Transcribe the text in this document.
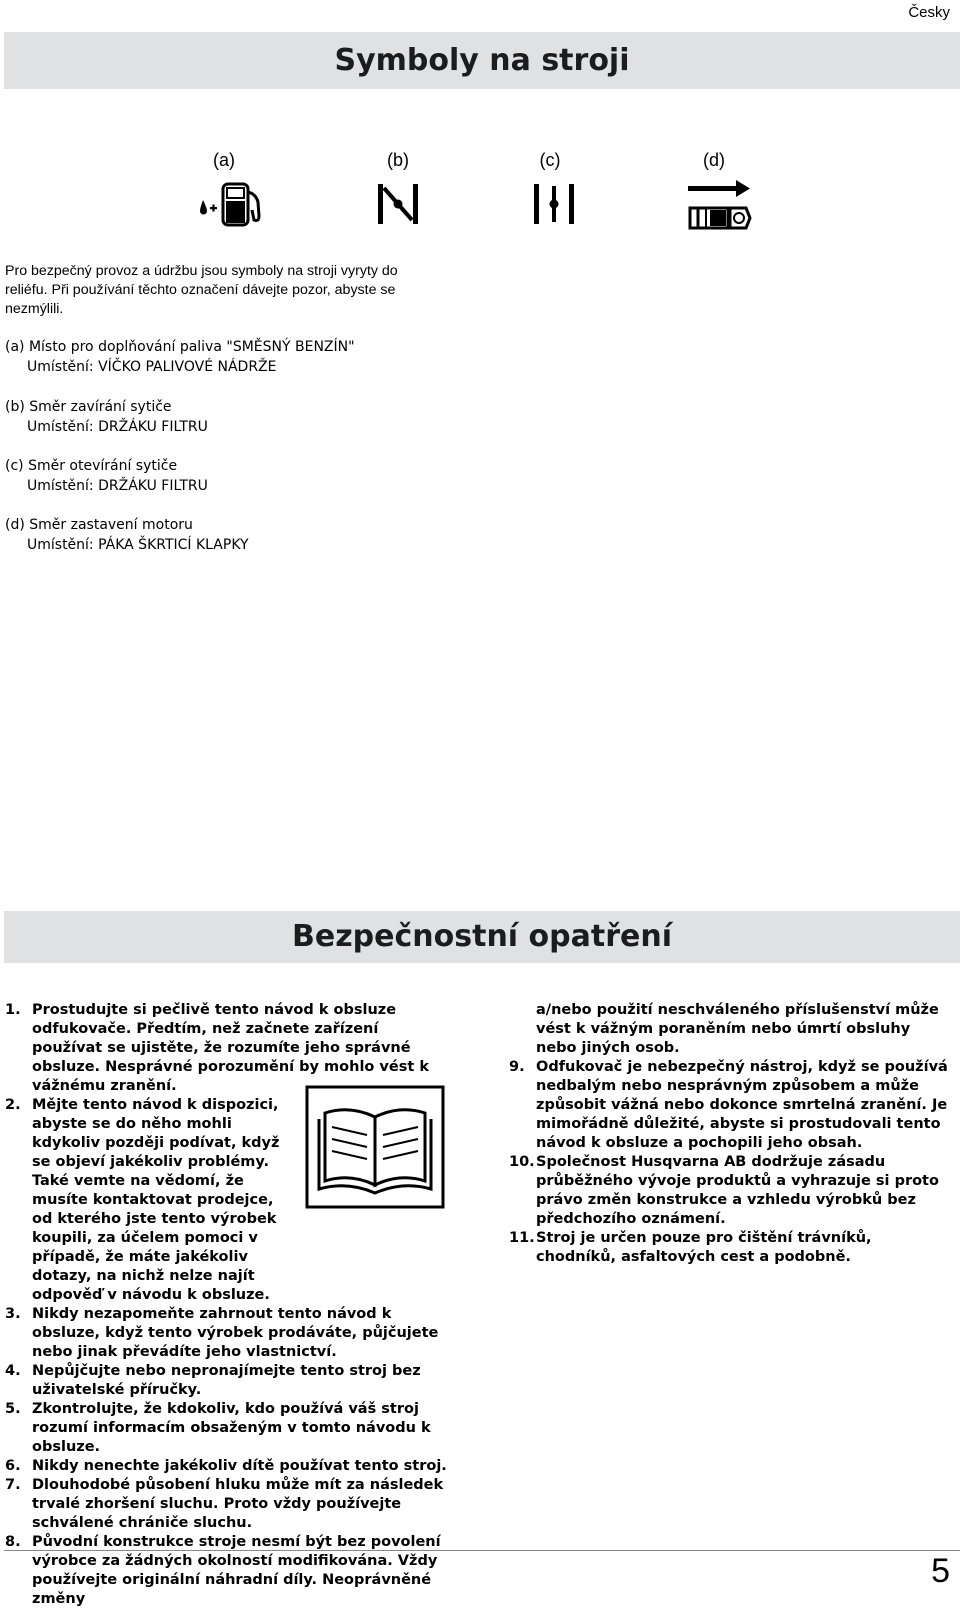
Česky
Symboly na stroji
(a)	(b)	(c)	(d)
Pro bezpečný provoz a údržbu jsou symboly na stroji vyryty do reliéfu. Při používání těchto označení dávejte pozor, abyste se nezmýlili.
(a) Místo pro doplňování paliva "SMĚSNÝ BENZÍN"
Umístění: VÍČKO PALIVOVÉ NÁDRŽE
(b) Směr zavírání sytiče
Umístění: DRŽÁKU FILTRU
(c) Směr otevírání sytiče
Umístění: DRŽÁKU FILTRU
(d) Směr zastavení motoru
Umístění: PÁKA ŠKRTICÍ KLAPKY
Bezpečnostní opatření
1. Prostudujte si pečlivě tento návod k obsluze odfukovače. Předtím, než začnete zařízení používat se ujistěte, že rozumíte jeho správné obsluze. Nesprávné porozumění by mohlo vést k vážnému zranění.
2. Mějte tento návod k dispozici, abyste se do něho mohli kdykoliv později podívat, když se objeví jakékoliv problémy. Také vemte na vědomí, že musíte kontaktovat prodejce, od kterého jste tento výrobek koupili, za účelem pomoci v případě, že máte jakékoliv dotazy, na nichž nelze najít odpověď v návodu k obsluze.
3. Nikdy nezapomeňte zahrnout tento návod k obsluze, když tento výrobek prodáváte, půjčujete nebo jinak převádíte jeho vlastnictví.
4. Nepůjčujte nebo nepronajímejte tento stroj bez uživatelské příručky.
5. Zkontrolujte, že kdokoliv, kdo používá váš stroj rozumí informacím obsaženým v tomto návodu k obsluze.
6. Nikdy nenechte jakékoliv dítě používat tento stroj.
7. Dlouhodobé působení hluku může mít za následek trvalé zhoršení sluchu. Proto vždy používejte schválené chrániče sluchu.
8. Původní konstrukce stroje nesmí být bez povolení výrobce za žádných okolností modifikována. Vždy používejte originální náhradní díly. Neoprávněné změny
a/nebo použití neschváleného příslušenství může vést k vážným poraněním nebo úmrtí obsluhy nebo jiných osob.
9. Odfukovač je nebezpečný nástroj, když se používá nedbalým nebo nesprávným způsobem a může způsobit vážná nebo dokonce smrtelná zranění. Je mimořádně důležité, abyste si prostudovali tento návod k obsluze a pochopili jeho obsah.
10. Společnost Husqvarna AB dodržuje zásadu průběžného vývoje produktů a vyhrazuje si proto právo změn konstrukce a vzhledu výrobků bez předchozího oznámení.
11. Stroj je určen pouze pro čištění trávníků, chodníků, asfaltových cest a podobně.
5
